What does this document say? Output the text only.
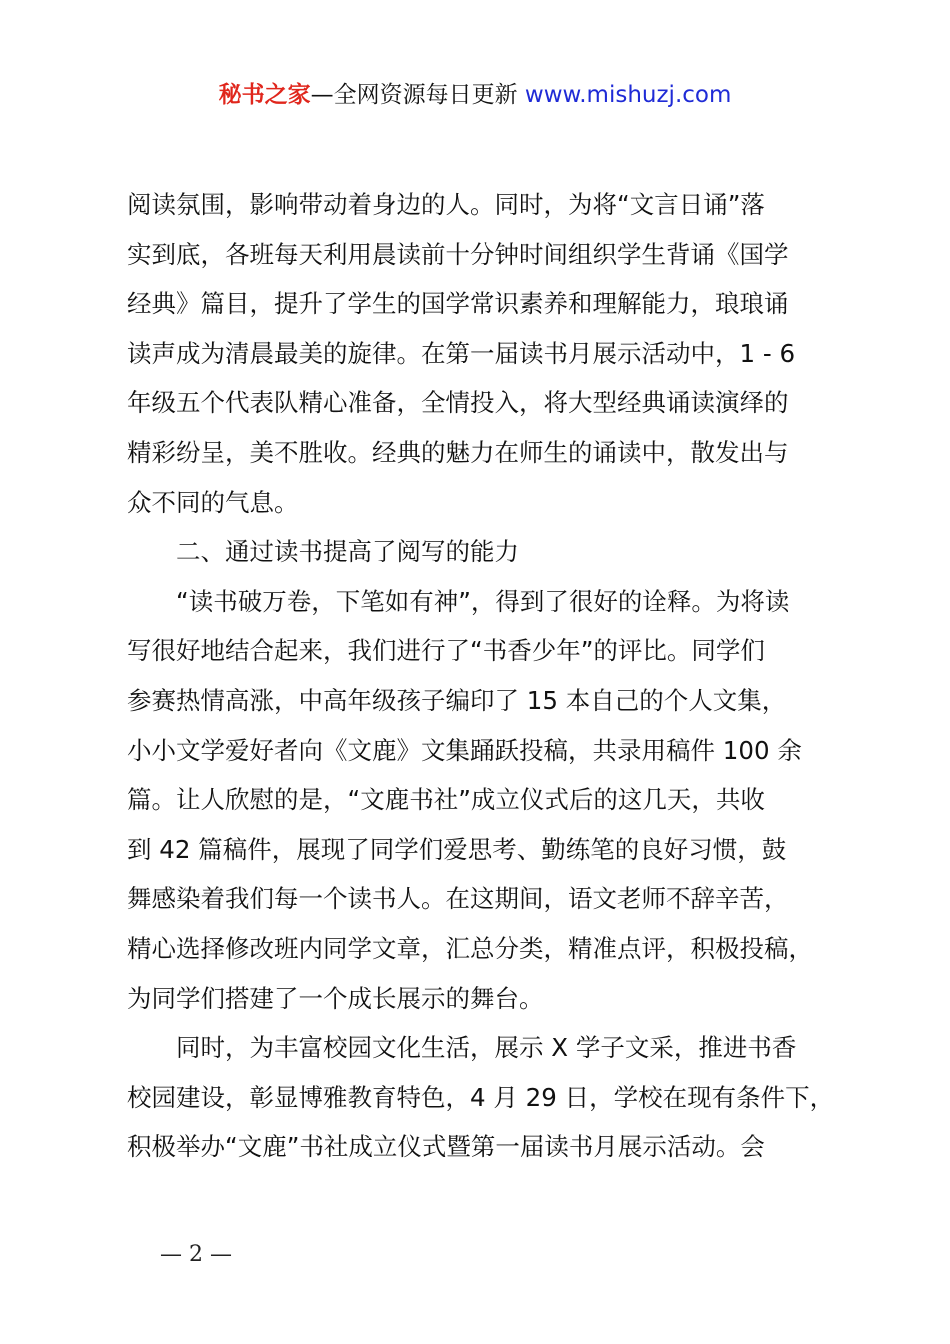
秘书之家—全网资源每日更新 www.mishuzj.com
阅读氛围，影响带动着身边的人。同时，为将“文言日诵”落
实到底，各班每天利用晨读前十分钟时间组织学生背诵《国学
经典》篇目，提升了学生的国学常识素养和理解能力，琅琅诵
读声成为清晨最美的旋律。在第一届读书月展示活动中，1 - 6
年级五个代表队精心准备，全情投入，将大型经典诵读演绎的
精彩纷呈，美不胜收。经典的魅力在师生的诵读中，散发出与
众不同的气息。
　　二、通过读书提高了阅写的能力
　　“读书破万卷，下笔如有神”，得到了很好的诠释。为将读
写很好地结合起来，我们进行了“书香少年”的评比。同学们
参赛热情高涨，中高年级孩子编印了 15 本自己的个人文集，
小小文学爱好者向《文鹿》文集踊跃投稿，共录用稿件 100 余
篇。让人欣慰的是，“文鹿书社”成立仪式后的这几天，共收
到 42 篇稿件，展现了同学们爱思考、勤练笔的良好习惯，鼓
舞感染着我们每一个读书人。在这期间，语文老师不辞辛苦，
精心选择修改班内同学文章，汇总分类，精准点评，积极投稿，
为同学们搭建了一个成长展示的舞台。
　　同时，为丰富校园文化生活，展示 X 学子文采，推进书香
校园建设，彰显博雅教育特色，4 月 29 日，学校在现有条件下，
积极举办“文鹿”书社成立仪式暨第一届读书月展示活动。会
— 2 —
